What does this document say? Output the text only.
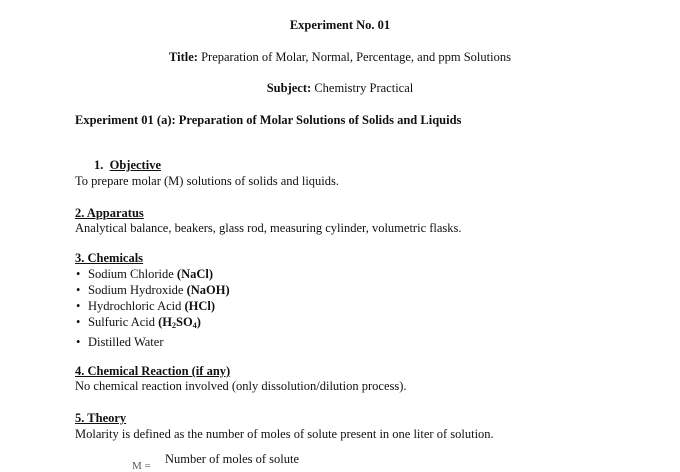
Experiment No. 01
Title: Preparation of Molar, Normal, Percentage, and ppm Solutions
Subject: Chemistry Practical
Experiment 01 (a): Preparation of Molar Solutions of Solids and Liquids
1. Objective
To prepare molar (M) solutions of solids and liquids.
2. Apparatus
Analytical balance, beakers, glass rod, measuring cylinder, volumetric flasks.
3. Chemicals
• Sodium Chloride (NaCl)
• Sodium Hydroxide (NaOH)
• Hydrochloric Acid (HCl)
• Sulfuric Acid $(H_2SO_4)$
• Distilled Water
4. Chemical Reaction (if any)
No chemical reaction involved (only dissolution/dilution process).
5. Theory
Molarity is defined as the number of moles of solute present in one liter of solution.
M = Number of moles of solute
